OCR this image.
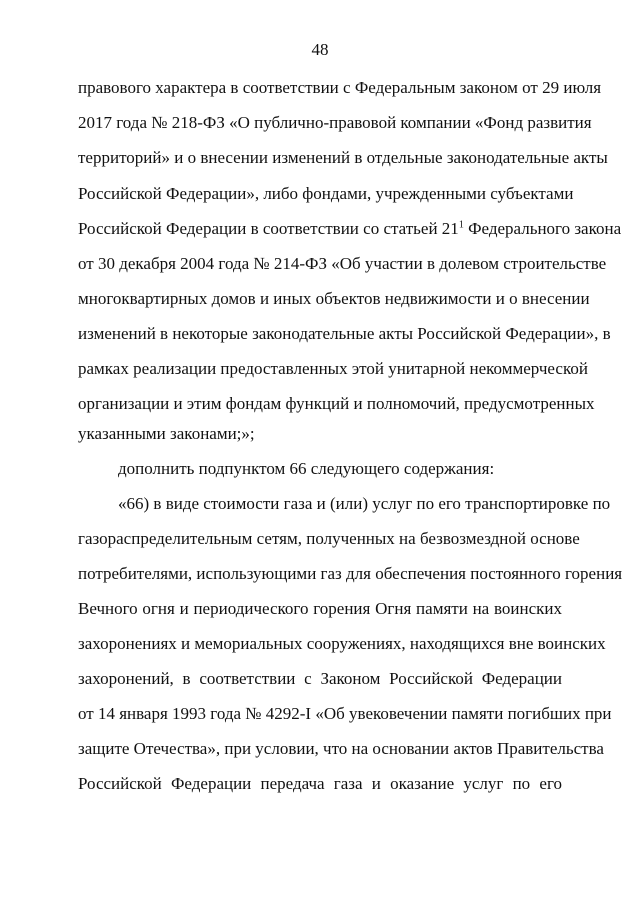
48
правового характера в соответствии с Федеральным законом от 29 июля
2017 года № 218-ФЗ «О публично-правовой компании «Фонд развития
территорий» и о внесении изменений в отдельные законодательные акты
Российской Федерации», либо фондами, учрежденными субъектами
Российской Федерации в соответствии со статьей $21^1$ Федерального закона
от 30 декабря 2004 года № 214-ФЗ «Об участии в долевом строительстве
многоквартирных домов и иных объектов недвижимости и о внесении
изменений в некоторые законодательные акты Российской Федерации», в
рамках реализации предоставленных этой унитарной некоммерческой
организации и этим фондам функций и полномочий, предусмотренных
указанными законами;»;
дополнить подпунктом 66 следующего содержания:
«66) в виде стоимости газа и (или) услуг по его транспортировке по
газораспределительным сетям, полученных на безвозмездной основе
потребителями, использующими газ для обеспечения постоянного горения
Вечного огня и периодического горения Огня памяти на воинских
захоронениях и мемориальных сооружениях, находящихся вне воинских
захоронений, в соответствии с Законом Российской Федерации
от 14 января 1993 года № 4292-I «Об увековечении памяти погибших при
защите Отечества», при условии, что на основании актов Правительства
Российской Федерации передача газа и оказание услуг по его
